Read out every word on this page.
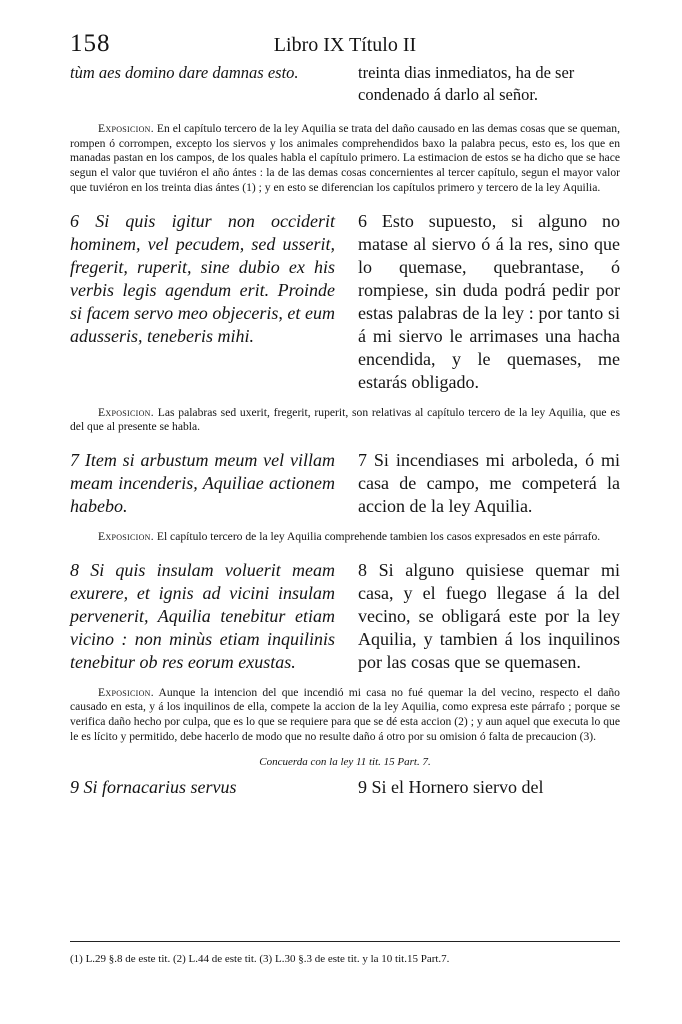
158	Libro IX Título II
tùm aes domino dare damnas esto.	treinta dias inmediatos, ha de ser condenado á darlo al señor.

Exposicion. En el capítulo tercero de la ley Aquilia se trata del daño causado en las demas cosas que se queman, rompen ó corrompen, excepto los siervos y los animales comprehendidos baxo la palabra pecus, esto es, los que en manadas pastan en los campos, de los quales habla el capítulo primero. La estimacion de estos se ha dicho que se hace segun el valor que tuviéron el año ántes : la de las demas cosas concernientes al tercer capítulo, segun el mayor valor que tuviéron en los treinta dias ántes (1) ; y en esto se diferencian los capítulos primero y tercero de la ley Aquilia.

6 Si quis igitur non occiderit hominem, vel pecudem, sed usserit, fregerit, ruperit, sine dubio ex his verbis legis agendum erit. Proinde si facem servo meo objeceris, et eum adusseris, teneberis mihi.
6 Esto supuesto, si alguno no matase al siervo ó á la res, sino que lo quemase, quebrantase, ó rompiese, sin duda podrá pedir por estas palabras de la ley : por tanto si á mi siervo le arrimases una hacha encendida, y le quemases, me estarás obligado.

Exposicion. Las palabras sed uxerit, fregerit, ruperit, son relativas al capítulo tercero de la ley Aquilia, que es del que al presente se habla.

7 Item si arbustum meum vel villam meam incenderis, Aquiliae actionem habebo.
7 Si incendiases mi arboleda, ó mi casa de campo, me competerá la accion de la ley Aquilia.

Exposicion. El capítulo tercero de la ley Aquilia comprehende tambien los casos expresados en este párrafo.

8 Si quis insulam voluerit meam exurere, et ignis ad vicini insulam pervenerit, Aquilia tenebitur etiam vicino : non minùs etiam inquilinis tenebitur ob res eorum exustas.
8 Si alguno quisiese quemar mi casa, y el fuego llegase á la del vecino, se obligará este por la ley Aquilia, y tambien á los inquilinos por las cosas que se quemasen.

Exposicion. Aunque la intencion del que incendió mi casa no fué quemar la del vecino, respecto el daño causado en esta, y á los inquilinos de ella, compete la accion de la ley Aquilia, como expresa este párrafo ; porque se verifica daño hecho por culpa, que es lo que se requiere para que se dé esta accion (2) ; y aun aquel que executa lo que le es lícito y permitido, debe hacerlo de modo que no resulte daño á otro por su omision ó falta de precaucion (3).

Concuerda con la ley 11 tit. 15 Part. 7.
9 Si fornacarius servus	9 Si el Hornero siervo del
(1) L.29 §.8 de este tit. (2) L.44 de este tit. (3) L.30 §.3 de este tit. y la 10 tit.15 Part.7.
